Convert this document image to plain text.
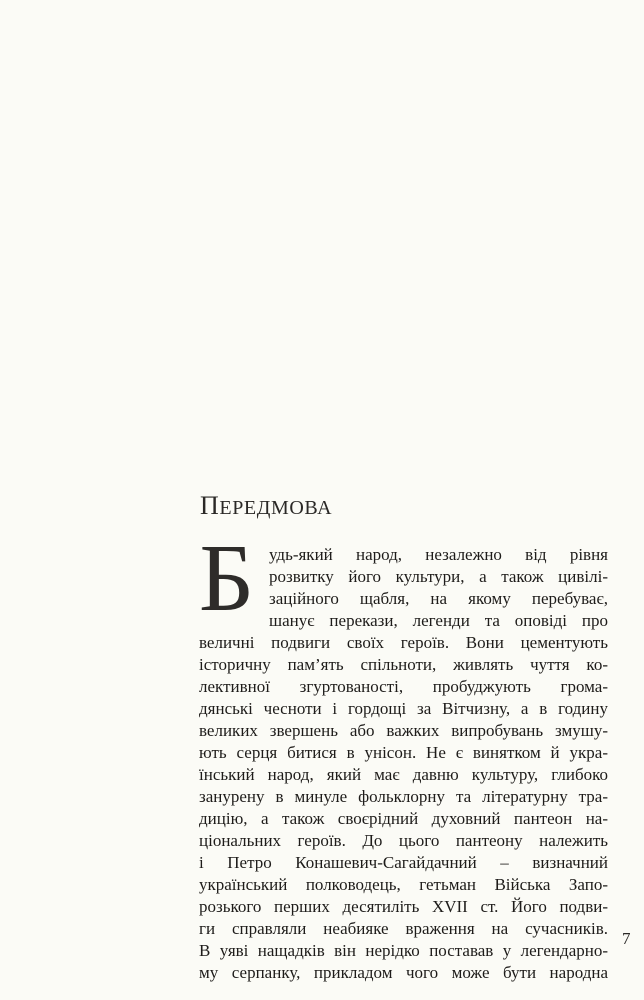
ПЕРЕДМОВА
Б удь-який народ, незалежно від рівня
розвитку його культури, а також цивілі-
заційного щабля, на якому перебуває,
шанує перекази, легенди та оповіді про
величні подвиги своїх героїв. Вони цементують
історичну пам’ять спільноти, живлять чуття ко-
лективної згуртованості, пробуджують грома-
дянські чесноти і гордощі за Вітчизну, а в годину
великих звершень або важких випробувань змушу-
ють серця битися в унісон. Не є винятком й укра-
їнський народ, який має давню культуру, глибоко
занурену в минуле фольклорну та літературну тра-
дицію, а також своєрідний духовний пантеон на-
ціональних героїв. До цього пантеону належить
і Петро Конашевич-Сагайдачний – визначний
український полководець, гетьман Війська Запо-
розького перших десятиліть XVII ст. Його подви-
ги справляли неабияке враження на сучасників.
В уяві нащадків він нерідко поставав у легендарно-
му серпанку, прикладом чого може бути народна
7
